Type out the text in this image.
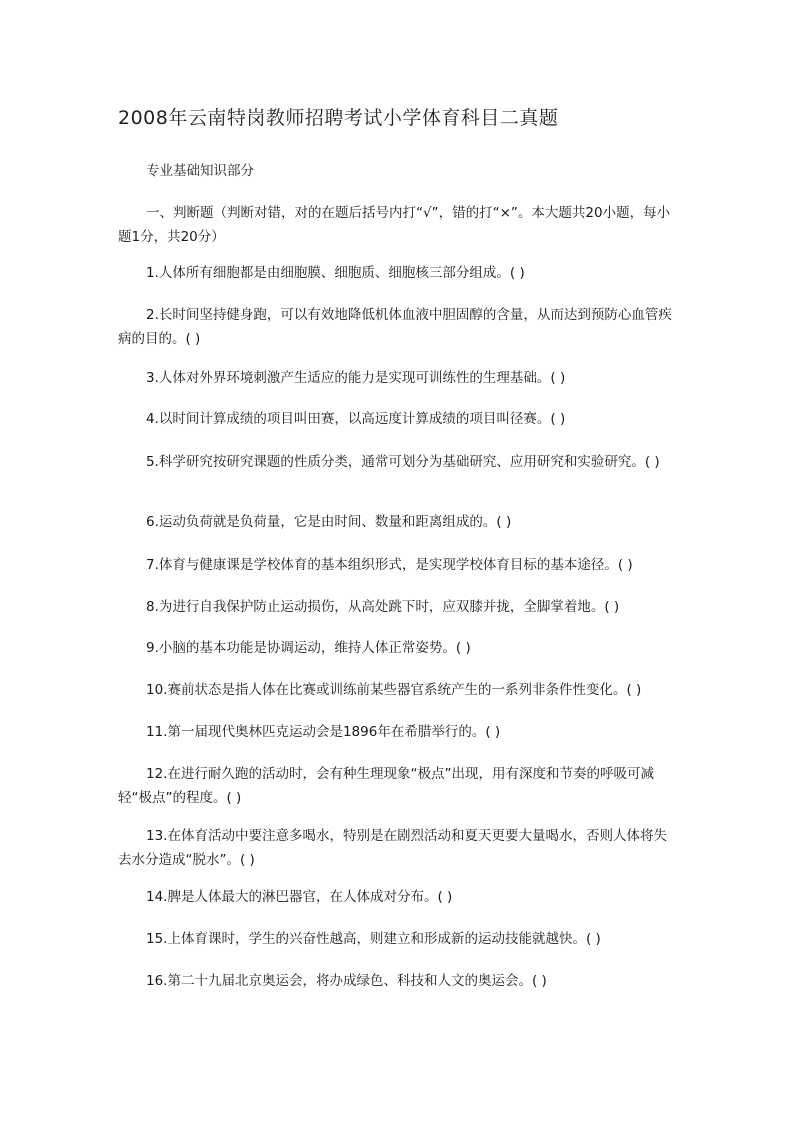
2008年云南特岗教师招聘考试小学体育科目二真题
专业基础知识部分
一、判断题（判断对错，对的在题后括号内打“√”，错的打“×”。本大题共20小题，每小题1分，共20分）
1.人体所有细胞都是由细胞膜、细胞质、细胞核三部分组成。( )
2.长时间坚持健身跑，可以有效地降低机体血液中胆固醇的含量，从而达到预防心血管疾病的目的。( )
3.人体对外界环境刺激产生适应的能力是实现可训练性的生理基础。( )
4.以时间计算成绩的项目叫田赛，以高远度计算成绩的项目叫径赛。( )
5.科学研究按研究课题的性质分类，通常可划分为基础研究、应用研究和实验研究。( )
6.运动负荷就是负荷量，它是由时间、数量和距离组成的。( )
7.体育与健康课是学校体育的基本组织形式，是实现学校体育目标的基本途径。( )
8.为进行自我保护防止运动损伤，从高处跳下时，应双膝并拢，全脚掌着地。( )
9.小脑的基本功能是协调运动，维持人体正常姿势。( )
10.赛前状态是指人体在比赛或训练前某些器官系统产生的一系列非条件性变化。( )
11.第一届现代奥林匹克运动会是1896年在希腊举行的。( )
12.在进行耐久跑的活动时，会有种生理现象“极点”出现，用有深度和节奏的呼吸可减轻“极点”的程度。( )
13.在体育活动中要注意多喝水，特别是在剧烈活动和夏天更要大量喝水，否则人体将失去水分造成“脱水”。( )
14.脾是人体最大的淋巴器官，在人体成对分布。( )
15.上体育课时，学生的兴奋性越高，则建立和形成新的运动技能就越快。( )
16.第二十九届北京奥运会，将办成绿色、科技和人文的奥运会。( )
